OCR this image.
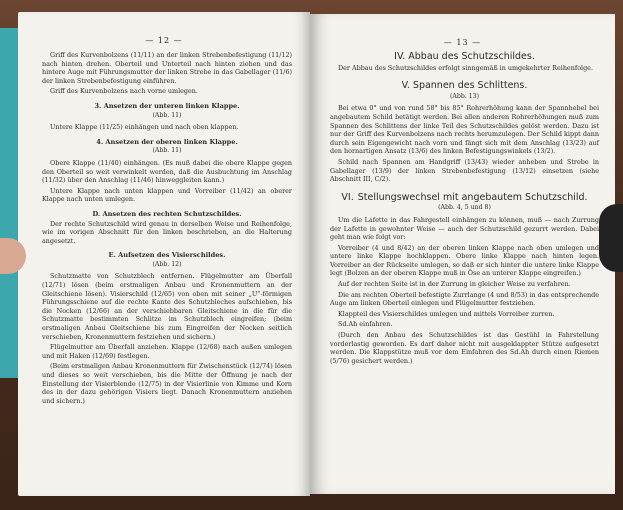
— 12 —

Griff des Kurvenbolzens (11/11) an der linken Strebenbefestigung (11/12) nach hinten drehen. Oberteil und Unterteil nach hinten ziehen und das hintere Auge mit Führungsmutter der linken Strebe in das Gabellager (11/6) der linken Strebenbefestigung einführen.

Griff des Kurvenbolzens nach vorne umlegen.

3. Ansetzen der unteren linken Klappe.
(Abb. 11)

Untere Klappe (11/25) einhängen und nach oben klappen.

4. Ansetzen der oberen linken Klappe.
(Abb. 11)

Obere Klappe (11/40) einhängen. (Es muß dabei die obere Klappe gegen den Oberteil so weit verwinkelt werden, daß die Ausbuchtung im Anschlag (11/32) über den Anschlag (11/46) hinweggleiten kann.)

Untere Klappe nach unten klappen und Vorreiber (11/42) an oberer Klappe nach unten umlegen.

D. Ansetzen des rechten Schutzschildes.

Der rechte Schutzschild wird genau in derselben Weise und Reihenfolge, wie im vorigen Abschnitt für den linken beschrieben, an die Halterung angesetzt.

E. Aufsetzen des Visierschildes.
(Abb. 12)

Schutzmatte von Schutzblech entfernen. Flügelmutter am Überfall (12/71) lösen (beim erstmaligen Anbau und Kronenmuttern an der Gleitschiene lösen). Visierschild (12/65) von oben mit seiner „U“-förmigen Führungsschiene auf die rechte Kante des Schutzbleches aufschieben, bis die Nocken (12/66) an der verschiebbaren Gleitschiene in die für die Schutzmatte bestimmten Schlitze im Schutzblech eingreifen; (beim erstmaligen Anbau Gleitschiene bis zum Eingreifen der Nocken seitlich verschieben, Kronenmuttern festziehen und sichern.)

Flügelmutter am Überfall anziehen. Klappe (12/68) nach außen umlegen und mit Haken (12/69) festlegen.

(Beim erstmaligen Anbau Kronenmuttern für Zwischenstück (12/74) lösen und dieses so weit verschieben, bis die Mitte der Öffnung je nach der Einstellung der Visierblende (12/75) in der Visierlinie von Kimme und Korn des in der dazu gehörigen Visiers liegt. Danach Kronenmuttern anziehen und sichern.)

— 13 —
IV. Abbau des Schutzschildes.

Der Abbau des Schutzschildes erfolgt sinngemäß in umgekehrter Reihenfolge.

V. Spannen des Schlittens.
(Abb. 13)

Bei etwa 0° und von rund 58° bis 85° Rohrerhöhung kann der Spannhebel bei angebautem Schild betätigt werden. Bei allen anderen Rohrerhöhungen muß zum Spannen des Schlittens der linke Teil des Schutzschildes gelöst werden. Dazu ist nur der Griff des Kurvenbolzens nach rechts herumzulegen. Der Schild kippt dann durch sein Eigengewicht nach vorn und fängt sich mit dem Anschlag (13/23) auf den hornartigen Ansatz (13/6) des linken Befestigungswinkels (13/2).

Schild nach Spannen am Handgriff (13/43) wieder anheben und Strebe in Gabellager (13/9) der linken Strebenbefestigung (13/12) einsetzen (siehe Abschnitt III, C/2).

VI. Stellungswechsel mit angebautem Schutzschild.
(Abb. 4, 5 und 8)

Um die Lafette in das Fahrgestell einhängen zu können, muß — nach Zurrung der Lafette in gewohnter Weise — auch der Schutzschild gezurrt werden. Dabei geht man wie folgt vor:

Vorreiber (4 und 8/42) an der oberen linken Klappe nach oben umlegen und untere linke Klappe hochklappen. Obere linke Klappe nach hinten legen. Vorreiber an der Rückseite umlegen, so daß er sich hinter die untere linke Klappe legt (Bolzen an der oberen Klappe muß in Öse an unterer Klappe eingreifen.)

Auf der rechten Seite ist in der Zurrung in gleicher Weise zu verfahren.

Die am rechten Oberteil befestigte Zurrlange (4 und 8/53) in das entsprechende Auge am linken Oberteil einlegen und Flügelmutter festziehen.

Klappteil des Visierschildes umlegen und mittels Vorreiber zurren.

Sd.Ah einfahren.

(Durch den Anbau des Schutzschildes ist das Gestühl in Fahrstellung vorderlastig geworden. Es darf daher nicht mit ausgeklappter Stütze aufgesetzt werden. Die Klappstütze muß vor dem Einfahren des Sd.Ah durch einen Riemen (5/76) gesichert werden.)
